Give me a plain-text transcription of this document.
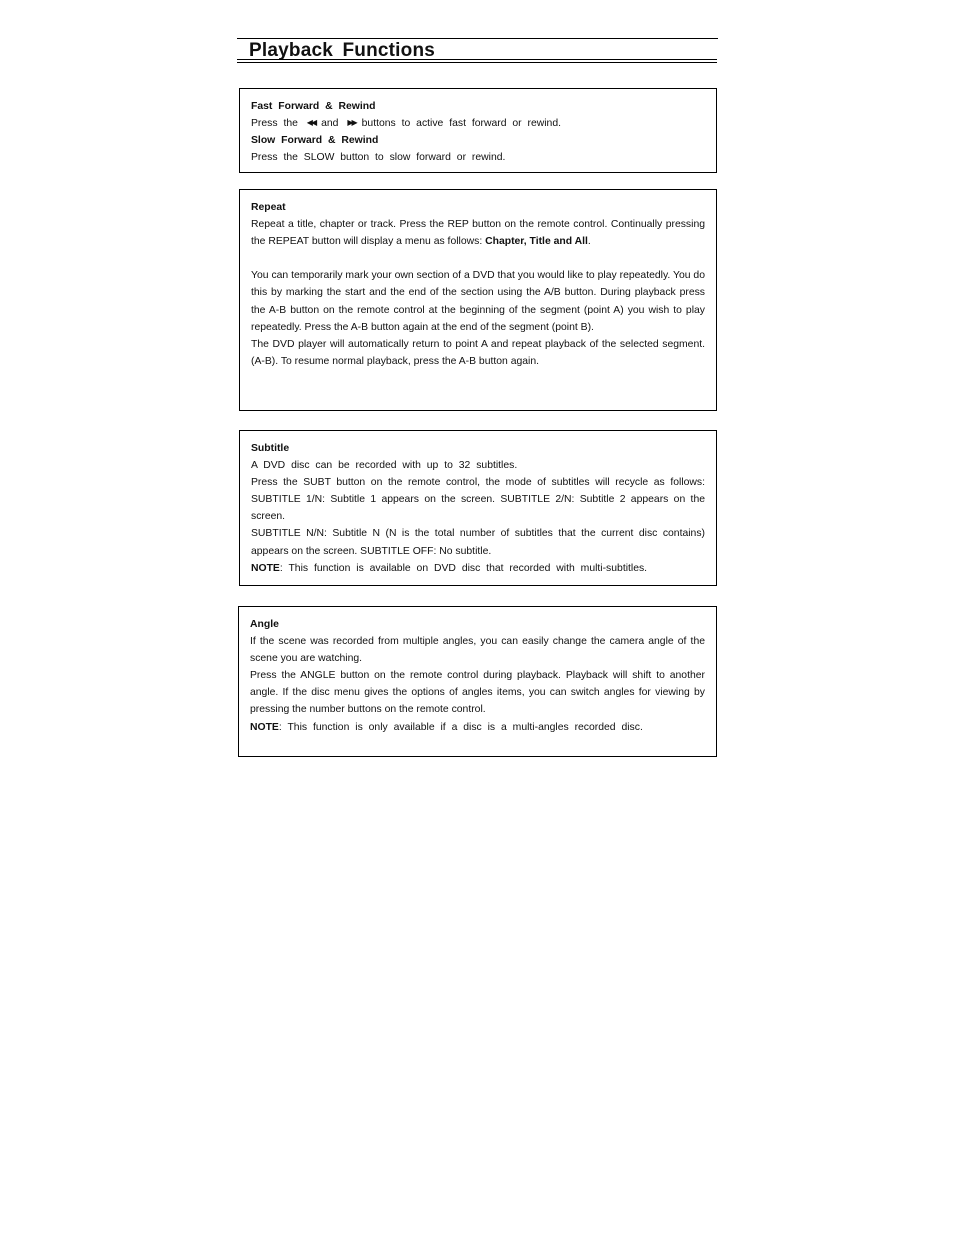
Playback Functions

Fast Forward & Rewind

Press the ◀◀ and ▶▶ buttons to active fast forward or rewind.

Slow Forward & Rewind

Press the SLOW button to slow forward or rewind.

Repeat

Repeat a title, chapter or track. Press the REP button on the remote control. Continually pressing the REPEAT button will display a menu as follows: Chapter, Title and All.

You can temporarily mark your own section of a DVD that you would like to play repeatedly. You do this by marking the start and the end of the section using the A/B button. During playback press the A-B button on the remote control at the beginning of the segment (point A) you wish to play repeatedly. Press the A-B button again at the end of the segment (point B).

The DVD player will automatically return to point A and repeat playback of the selected segment. (A-B). To resume normal playback, press the A-B button again.

Subtitle

A DVD disc can be recorded with up to 32 subtitles.

Press the SUBT button on the remote control, the mode of subtitles will recycle as follows: SUBTITLE 1/N: Subtitle 1 appears on the screen. SUBTITLE 2/N: Subtitle 2 appears on the screen.

SUBTITLE N/N: Subtitle N (N is the total number of subtitles that the current disc contains) appears on the screen. SUBTITLE OFF: No subtitle.

NOTE: This function is available on DVD disc that recorded with multi-subtitles.

Angle

If the scene was recorded from multiple angles, you can easily change the camera angle of the scene you are watching.

Press the ANGLE button on the remote control during playback. Playback will shift to another angle. If the disc menu gives the options of angles items, you can switch angles for viewing by pressing the number buttons on the remote control.

NOTE: This function is only available if a disc is a multi-angles recorded disc.
